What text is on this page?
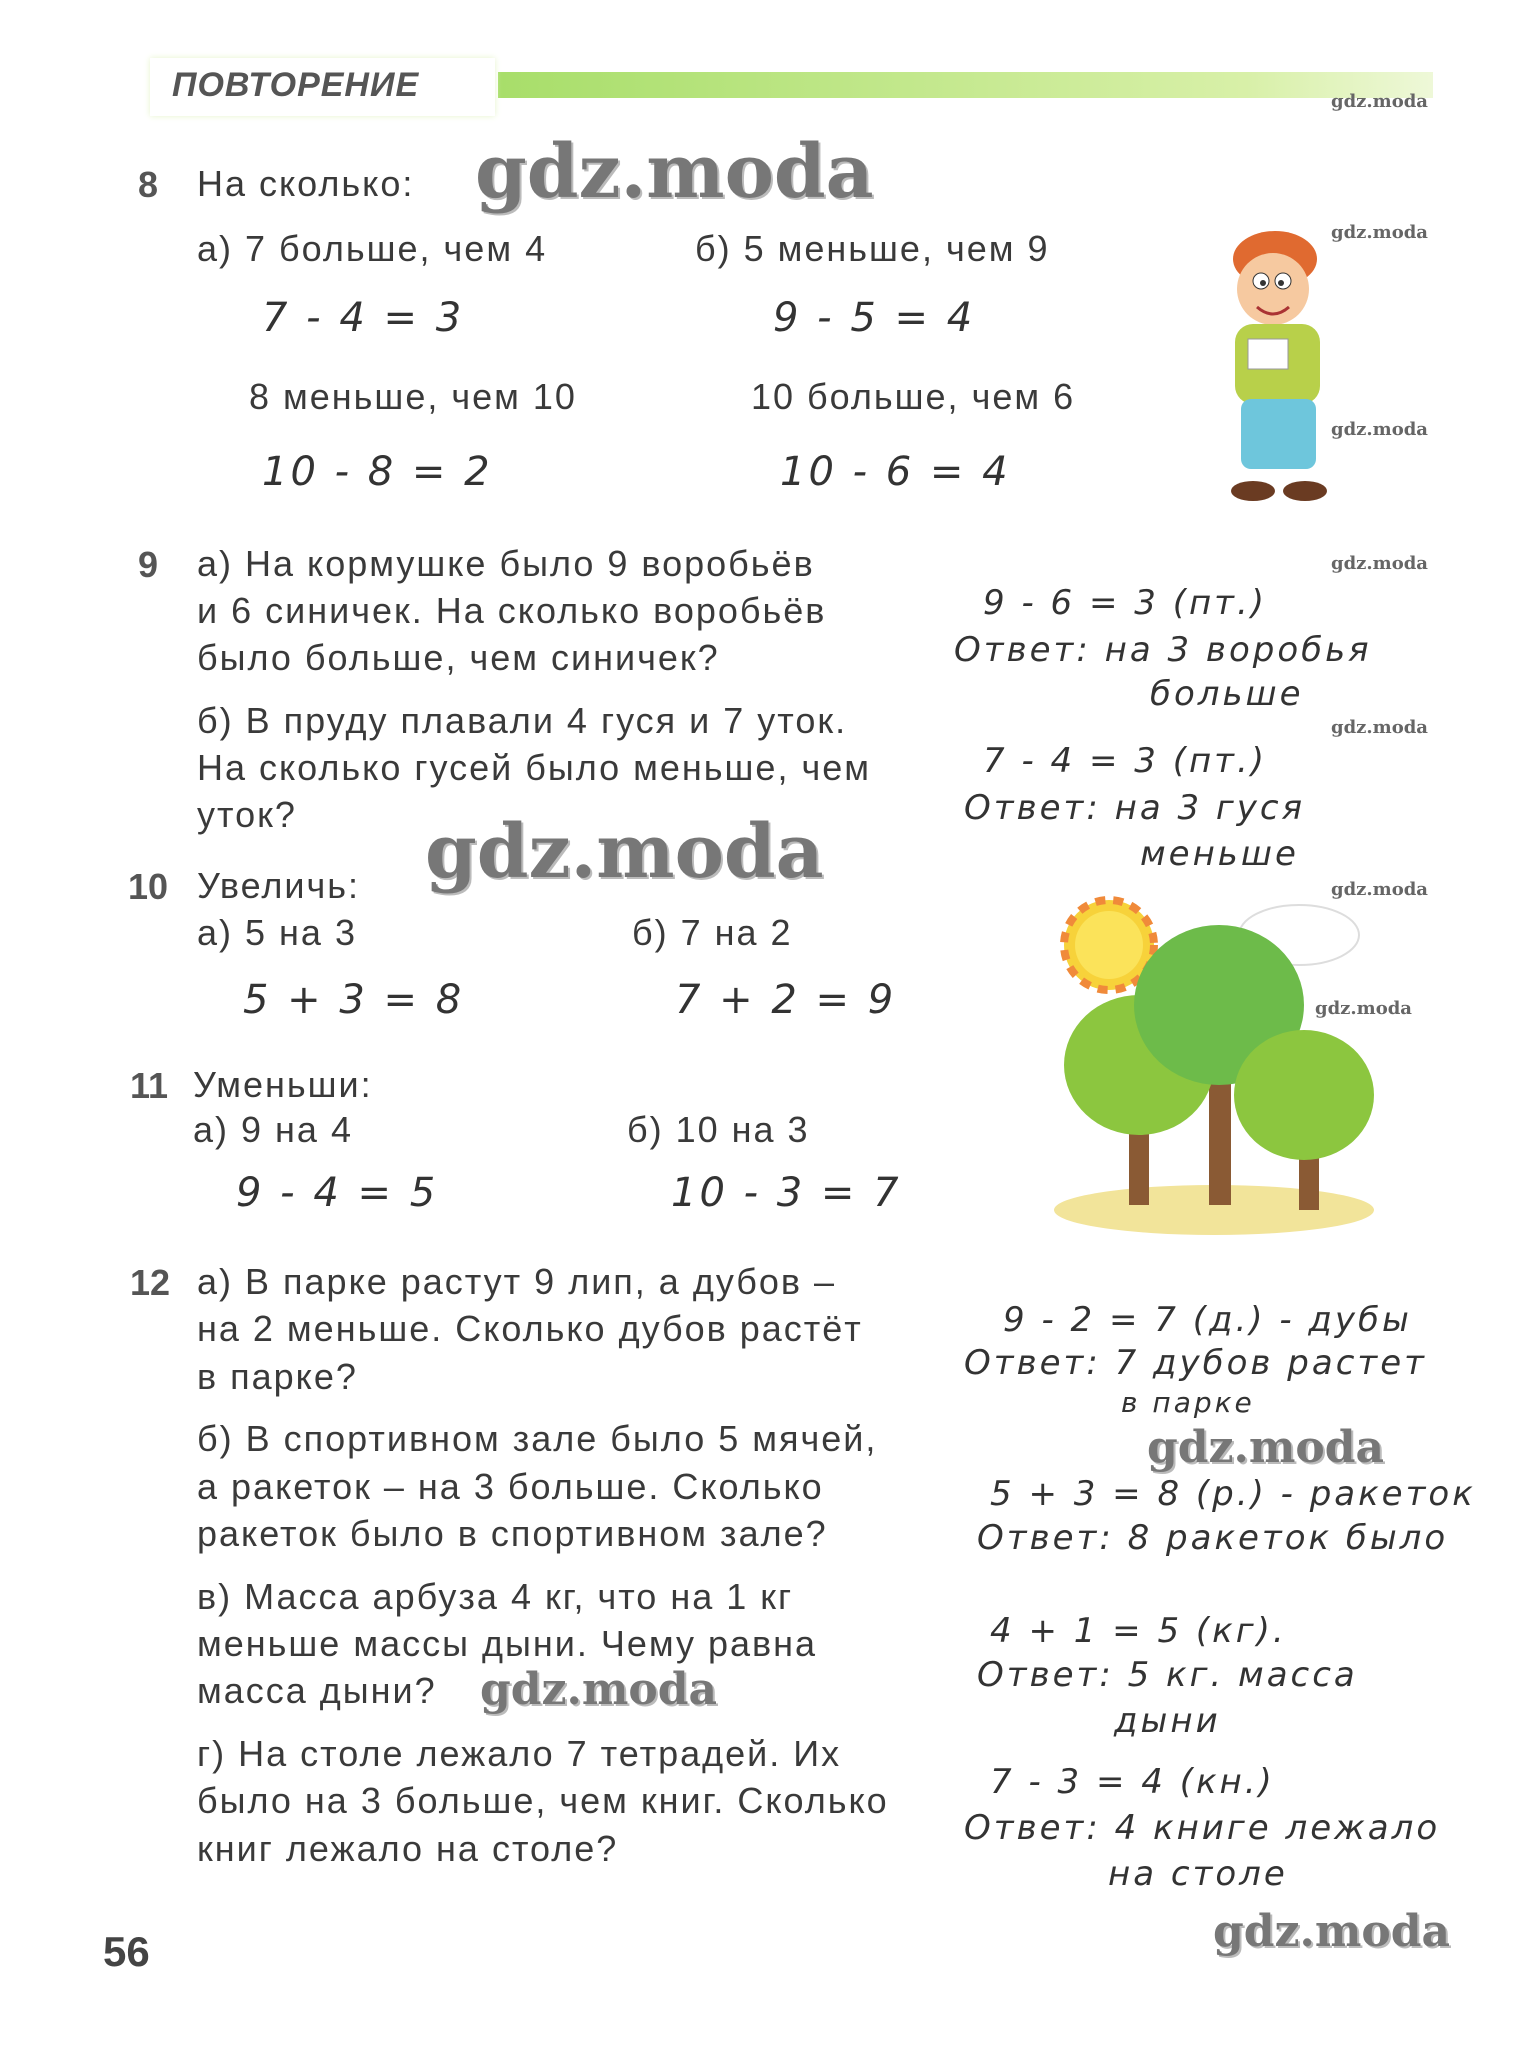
ПОВТОРЕНИЕ
8 На сколько:
а) 7 больше, чем 4	б) 5 меньше, чем 9
7 - 4 = 3	9 - 5 = 4
8 меньше, чем 10	10 больше, чем 6
10 - 8 = 2	10 - 6 = 4
9 а) На кормушке было 9 воробьёв
и 6 синичек. На сколько воробьёв
было больше, чем синичек?
б) В пруду плавали 4 гуся и 7 уток.
На сколько гусей было меньше, чем
уток?
9 - 6 = 3 (пт.)
Ответ: на 3 воробья
больше
7 - 4 = 3 (пт.)
Ответ: на 3 гуся
меньше
10 Увеличь:
а) 5 на 3	б) 7 на 2
5 + 3 = 8	7 + 2 = 9
11 Уменьши:
а) 9 на 4	б) 10 на 3
9 - 4 = 5	10 - 3 = 7
12 а) В парке растут 9 лип, а дубов –
на 2 меньше. Сколько дубов растёт
в парке?
б) В спортивном зале было 5 мячей,
а ракеток – на 3 больше. Сколько
ракеток было в спортивном зале?
в) Масса арбуза 4 кг, что на 1 кг
меньше массы дыни. Чему равна
масса дыни?
г) На столе лежало 7 тетрадей. Их
было на 3 больше, чем книг. Сколько
книг лежало на столе?
9 - 2 = 7 (д.) - дубы
Ответ: 7 дубов растет
в парке
5 + 3 = 8 (р.) - ракеток
Ответ: 8 ракеток было
4 + 1 = 5 (кг).
Ответ: 5 кг. масса
дыни
7 - 3 = 4 (кн.)
Ответ: 4 книге лежало
на столе
gdz.moda
gdz.moda
gdz.moda
gdz.moda
gdz.moda
gdz.moda
gdz.moda
gdz.moda
gdz.moda
gdz.moda
gdz.moda
gdz.moda
56
